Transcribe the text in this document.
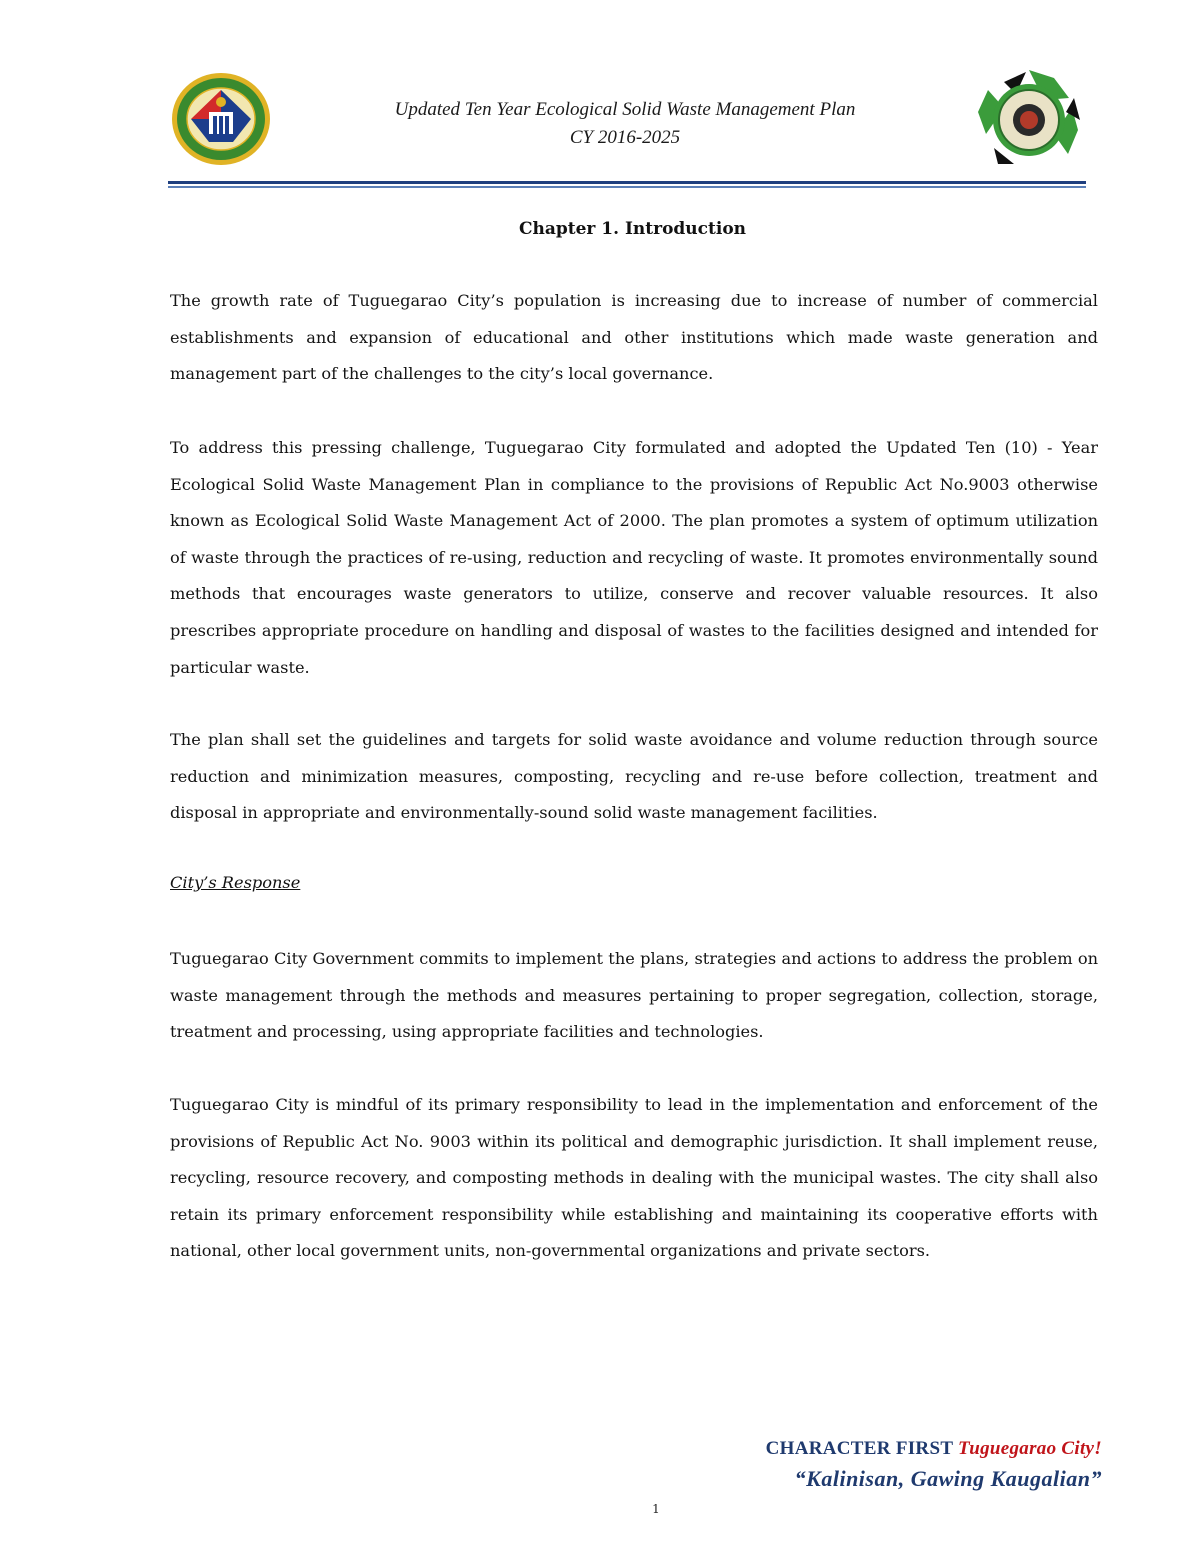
Updated Ten Year Ecological Solid Waste Management Plan
CY 2016-2025
Chapter 1. Introduction

The growth rate of Tuguegarao City’s population is increasing due to increase of number of commercial establishments and expansion of educational and other institutions which made waste generation and management part of the challenges to the city’s local governance.

To address this pressing challenge, Tuguegarao City formulated and adopted the Updated Ten (10) - Year Ecological Solid Waste Management Plan in compliance to the provisions of Republic Act No.9003 otherwise known as Ecological Solid Waste Management Act of 2000. The plan promotes a system of optimum utilization of waste through the practices of re-using, reduction and recycling of waste. It promotes environmentally sound methods that encourages waste generators to utilize, conserve and recover valuable resources. It also prescribes appropriate procedure on handling and disposal of wastes to the facilities designed and intended for particular waste.

The plan shall set the guidelines and targets for solid waste avoidance and volume reduction through source reduction and minimization measures, composting, recycling and re-use before collection, treatment and disposal in appropriate and environmentally-sound solid waste management facilities.

City’s Response

Tuguegarao City Government commits to implement the plans, strategies and actions to address the problem on waste management through the methods and measures pertaining to proper segregation, collection, storage, treatment and processing, using appropriate facilities and technologies.

Tuguegarao City is mindful of its primary responsibility to lead in the implementation and enforcement of the provisions of Republic Act No. 9003 within its political and demographic jurisdiction. It shall implement reuse, recycling, resource recovery, and composting methods in dealing with the municipal wastes. The city shall also retain its primary enforcement responsibility while establishing and maintaining its cooperative efforts with national, other local government units, non-governmental organizations and private sectors.

CHARACTER FIRST Tuguegarao City!
“Kalinisan, Gawing Kaugalian”
1
